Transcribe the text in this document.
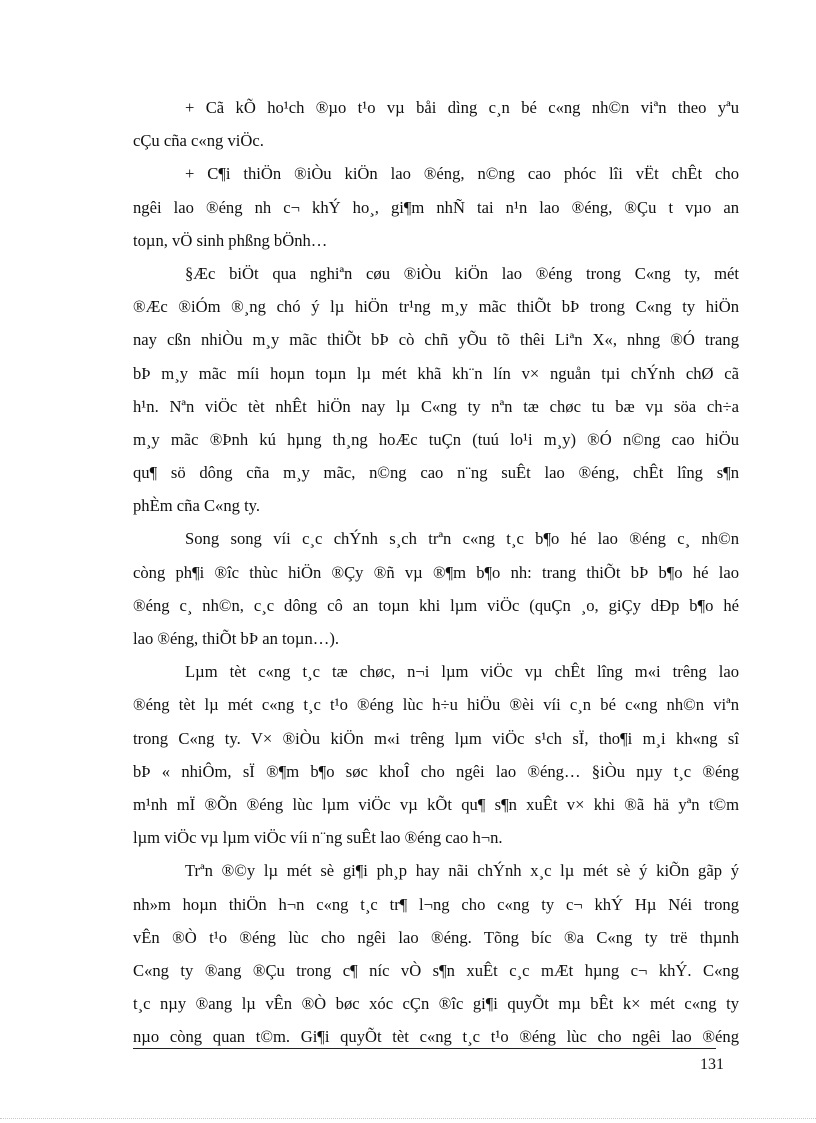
+ Cã kÕ ho¹ch ®µo t¹o vµ båi dìng c¸n bé c«ng nh©n viªn theo yªu
cÇu cña c«ng viÖc.
+ C¶i thiÖn ®iÒu kiÖn lao ®éng, n©ng cao phóc lîi vËt chÊt cho
ngêi lao ®éng nh c¬ khÝ ho¸, gi¶m nhÑ tai n¹n lao ®éng, ®Çu t vµo an
toµn, vÖ sinh phßng bÖnh…
§Æc biÖt qua nghiªn cøu ®iÒu kiÖn lao ®éng trong C«ng ty, mét
®Æc ®iÓm ®¸ng chó ý lµ hiÖn tr¹ng m¸y mãc thiÕt bÞ trong C«ng ty hiÖn
nay cßn nhiÒu m¸y mãc thiÕt bÞ cò chñ yÕu tõ thêi Liªn X«, nhng ®Ó trang
bÞ m¸y mãc míi hoµn toµn lµ mét khã kh¨n lín v× nguån tµi chÝnh chØ cã
h¹n. Nªn viÖc tèt nhÊt hiÖn nay lµ C«ng ty nªn tæ chøc tu bæ vµ söa ch÷a
m¸y mãc ®Þnh kú hµng th¸ng hoÆc tuÇn (tuú lo¹i m¸y) ®Ó n©ng cao hiÖu
qu¶ sö dông cña m¸y mãc, n©ng cao n¨ng suÊt lao ®éng, chÊt lîng s¶n
phÈm cña C«ng ty.
Song song víi c¸c chÝnh s¸ch trªn c«ng t¸c b¶o hé lao ®éng c¸ nh©n
còng ph¶i ®îc thùc hiÖn ®Çy ®ñ vµ ®¶m b¶o nh: trang thiÕt bÞ b¶o hé lao
®éng c¸ nh©n, c¸c dông cô an toµn khi lµm viÖc (quÇn ¸o, giÇy dÐp b¶o hé
lao ®éng, thiÕt bÞ an toµn…).
Lµm tèt c«ng t¸c tæ chøc, n¬i lµm viÖc vµ chÊt lîng m«i trêng lao
®éng tèt lµ mét c«ng t¸c t¹o ®éng lùc h÷u hiÖu ®èi víi c¸n bé c«ng nh©n viªn
trong C«ng ty. V× ®iÒu kiÖn m«i trêng lµm viÖc s¹ch sÏ, tho¶i m¸i kh«ng sî
bÞ « nhiÔm, sÏ ®¶m b¶o søc khoÎ cho ngêi lao ®éng… §iÒu nµy t¸c ®éng
m¹nh mÏ ®Õn ®éng lùc lµm viÖc vµ kÕt qu¶ s¶n xuÊt v× khi ®ã hä yªn t©m
lµm viÖc vµ lµm viÖc víi n¨ng suÊt lao ®éng cao h¬n.
Trªn ®©y lµ mét sè gi¶i ph¸p hay nãi chÝnh x¸c lµ mét sè ý kiÕn gãp ý
nh»m hoµn thiÖn h¬n c«ng t¸c tr¶ l¬ng cho c«ng ty c¬ khÝ Hµ Néi trong
vÊn ®Ò t¹o ®éng lùc cho ngêi lao ®éng. Tõng bíc ®a C«ng ty trë thµnh
C«ng ty ®ang ®Çu trong c¶ níc vÒ s¶n xuÊt c¸c mÆt hµng c¬ khÝ. C«ng
t¸c nµy ®ang lµ vÊn ®Ò bøc xóc cÇn ®îc gi¶i quyÕt mµ bÊt k× mét c«ng ty
nµo còng quan t©m. Gi¶i quyÕt tèt c«ng t¸c t¹o ®éng lùc cho ngêi lao ®éng
131
